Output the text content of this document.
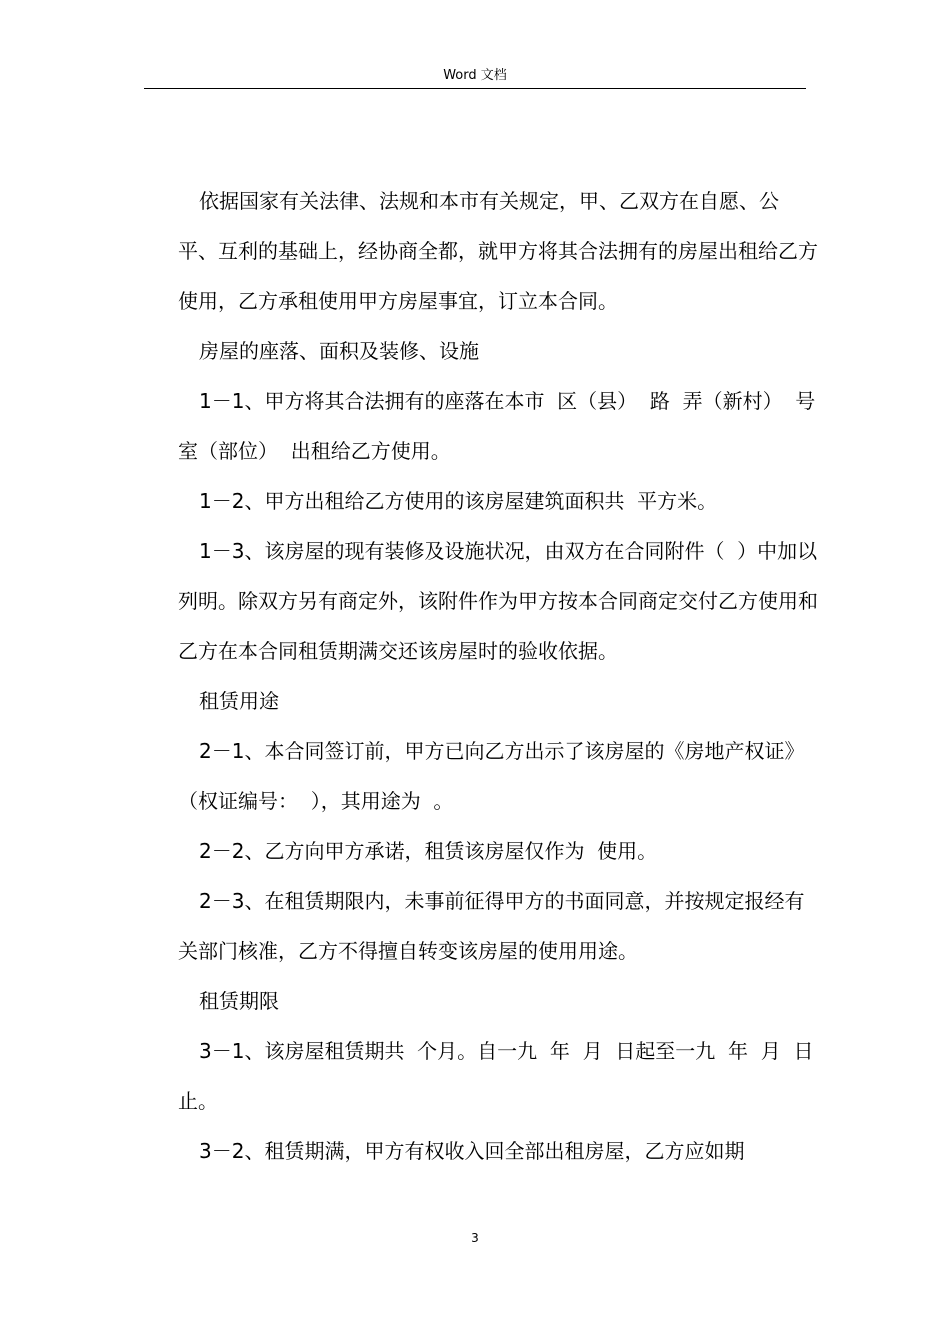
Word 文档

依据国家有关法律、法规和本市有关规定，甲、乙双方在自愿、公平、互利的基础上，经协商全都，就甲方将其合法拥有的房屋出租给乙方使用，乙方承租使用甲方房屋事宜，订立本合同。

房屋的座落、面积及装修、设施

1－1、甲方将其合法拥有的座落在本市  区（县）  路  弄（新村）  号  室（部位）  出租给乙方使用。

1－2、甲方出租给乙方使用的该房屋建筑面积共  平方米。

1－3、该房屋的现有装修及设施状况，由双方在合同附件（  ）中加以列明。除双方另有商定外，该附件作为甲方按本合同商定交付乙方使用和乙方在本合同租赁期满交还该房屋时的验收依据。

租赁用途

2－1、本合同签订前，甲方已向乙方出示了该房屋的《房地产权证》（权证编号：  ），其用途为  。

2－2、乙方向甲方承诺，租赁该房屋仅作为  使用。

2－3、在租赁期限内，未事前征得甲方的书面同意，并按规定报经有关部门核准，乙方不得擅自转变该房屋的使用用途。

租赁期限

3－1、该房屋租赁期共  个月。自一九  年  月  日起至一九  年  月  日止。

3－2、租赁期满，甲方有权收入回全部出租房屋，乙方应如期

3
